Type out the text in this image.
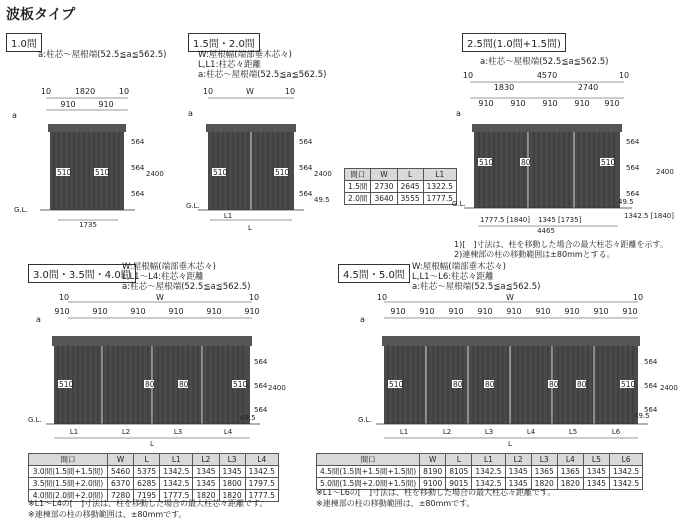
波板タイプ
1.0間
a:柱芯～屋根端(52.5≦a≦562.5)
10	1820	10
910	910
a
510	510
564
564
564
2400
G.L.
1735
1.5間・2.0間
W:屋根幅(端部垂木芯々)
L,L1:柱芯々距離
a:柱芯～屋根端(52.5≦a≦562.5)
10	W	10
a
510	510
564
564
564
2400
49.5
G.L.
L1
L
間口	W	L	L1
1.5間	2730	2645	1322.5
2.0間	3640	3555	1777.5
2.5間(1.0間+1.5間)
a:柱芯～屋根端(52.5≦a≦562.5)
10	4570	10
1830	2740
910 910 910 910 910
a
510	80	510
564
564
564
2400
49.5
G.L.
1777.5 [1840] 1345 [1735]	1342.5 [1840]
4465
1)[　]寸法は、柱を移動した場合の最大柱芯々距離を示す。
2)連棟部の柱の移動範囲は±80mmとする。
3.0間・3.5間・4.0間
W:屋根幅(端部垂木芯々)
L,L1～L4:柱芯々距離
a:柱芯～屋根端(52.5≦a≦562.5)
10	W	10
910	910	910	910	910	910
a
510	80	80	510
564
564
564
2400
49.5
G.L.
L1	L2	L3	L4
L
間口	W	L	L1	L2	L3	L4
3.0間(1.5間+1.5間)	5460	5375	1342.5	1345	1345	1342.5
3.5間(1.5間+2.0間)	6370	6285	1342.5	1345	1800	1797.5
4.0間(2.0間+2.0間)	7280	7195	1777.5	1820	1820	1777.5
※L1～L4の[　]寸法は、柱を移動した場合の最大柱芯々距離です。
※連棟部の柱の移動範囲は、±80mmです。
4.5間・5.0間
W:屋根幅(端部垂木芯々)
L,L1～L6:柱芯々距離
a:柱芯～屋根端(52.5≦a≦562.5)
10	W	10
910 910 910 910 910 910 910 910 910
a
510	80	80	80 80	510
564
564
564
2400
49.5
G.L.
L1	L2	L3	L4	L5	L6
L
間口	W	L	L1	L2	L3	L4	L5	L6
4.5間(1.5間+1.5間+1.5間)	8190	8105	1342.5	1345	1365	1365	1345	1342.5
5.0間(1.5間+2.0間+1.5間)	9100	9015	1342.5	1345	1820	1820	1345	1342.5
※L1～L6の[　]寸法は、柱を移動した場合の最大柱芯々距離です。
※連棟部の柱の移動範囲は、±80mmです。
